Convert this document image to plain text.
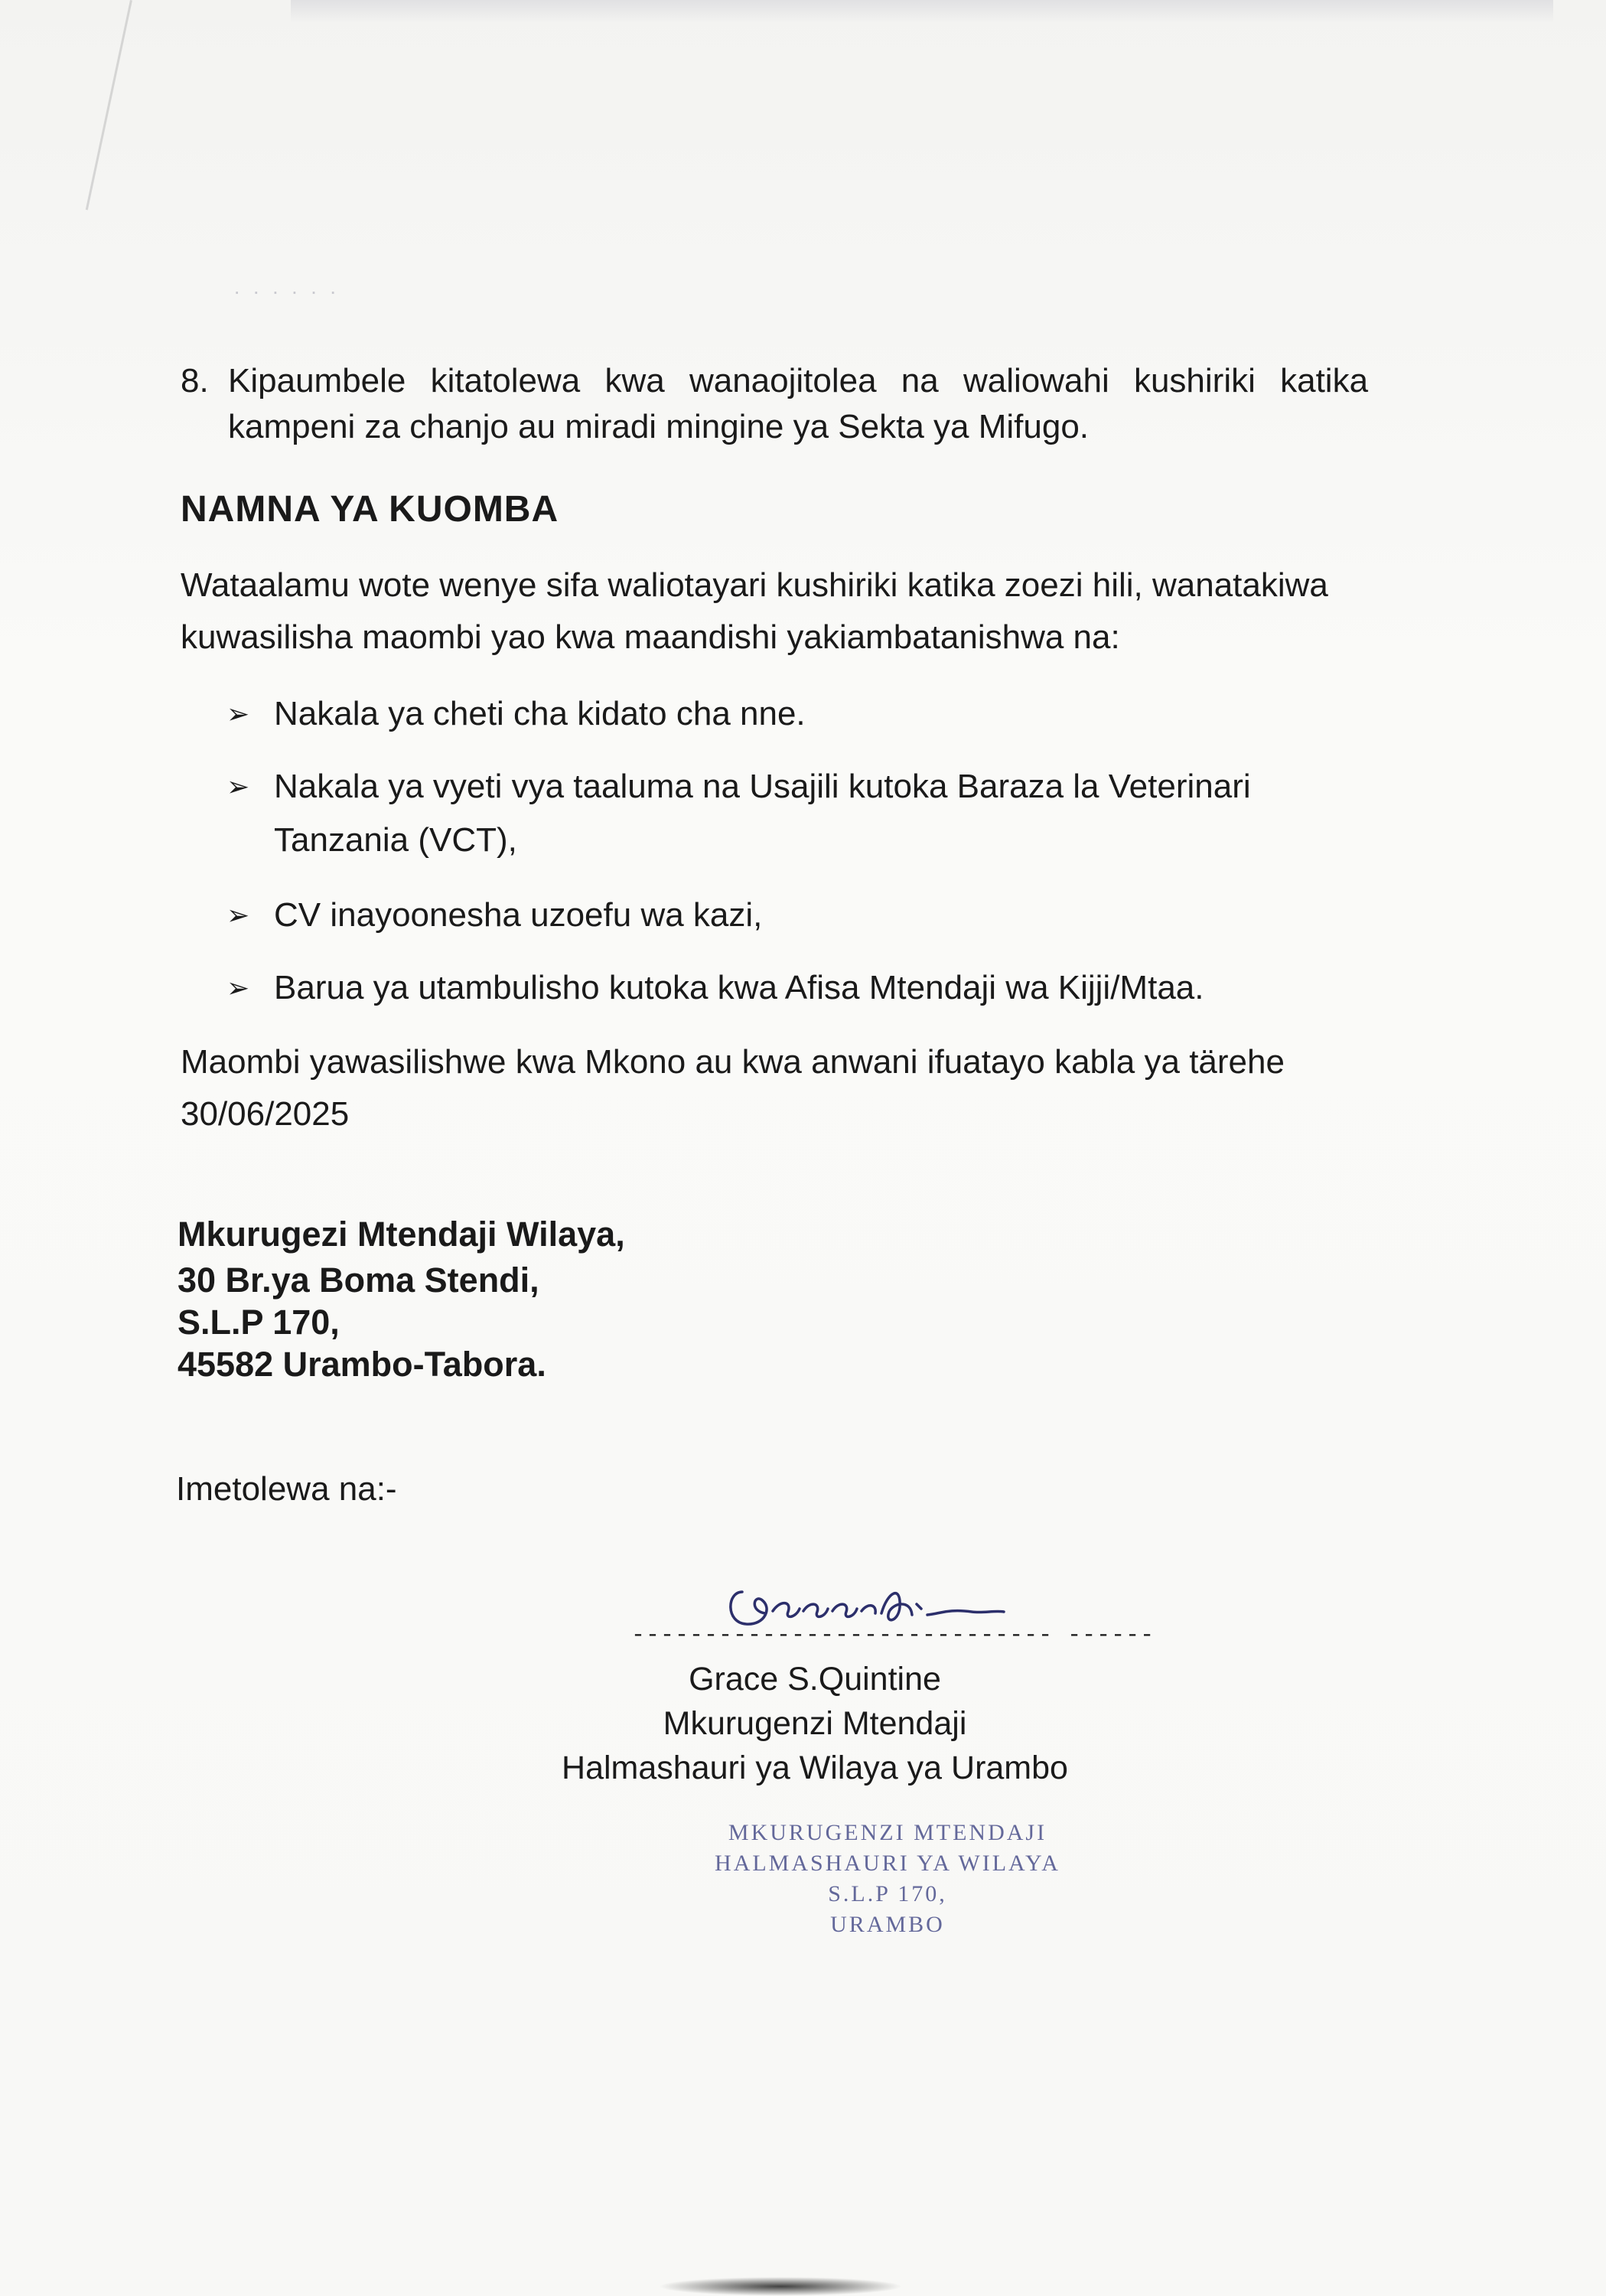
· · · · · ·
8. Kipaumbele kitatolewa kwa wanaojitolea na waliowahi kushiriki katika
kampeni za chanjo au miradi mingine ya Sekta ya Mifugo.
NAMNA YA KUOMBA
Wataalamu wote wenye sifa waliotayari kushiriki katika zoezi hili, wanatakiwa
kuwasilisha maombi yao kwa maandishi yakiambatanishwa na:
➢ Nakala ya cheti cha kidato cha nne.
➢ Nakala ya vyeti vya taaluma na Usajili kutoka Baraza la Veterinari
Tanzania (VCT),
➢ CV inayoonesha uzoefu wa kazi,
➢ Barua ya utambulisho kutoka kwa Afisa Mtendaji wa Kijji/Mtaa.
Maombi yawasilishwe kwa Mkono au kwa anwani ifuatayo kabla ya tärehe
30/06/2025
Mkurugezi Mtendaji Wilaya,
30 Br.ya Boma Stendi,
S.L.P 170,
45582 Urambo-Tabora.
Imetolewa na:-
----------------------------- ------
Grace S.Quintine
Mkurugenzi Mtendaji
Halmashauri ya Wilaya ya Urambo
MKURUGENZI MTENDAJI
HALMASHAURI YA WILAYA
S.L.P 170,
URAMBO
